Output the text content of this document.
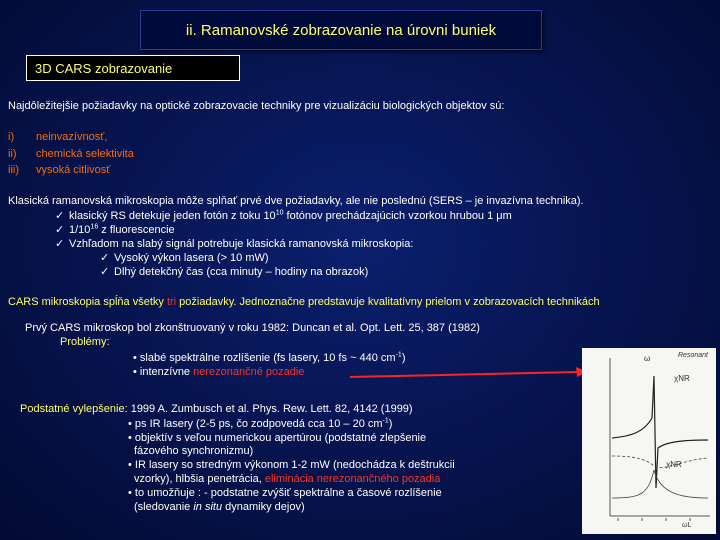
ii. Ramanovské zobrazovanie na úrovni buniek
3D CARS zobrazovanie
Najdôležitejšie požiadavky na optické zobrazovacie techniky pre vizualizáciu biologických objektov sú:
i) neinvazívnosť,
ii) chemická selektivita
iii) vysoká citlivosť
Klasická ramanovská mikroskopia môže splňať prvé dve požiadavky, ale nie poslednú (SERS – je invazívna technika).
✓ klasický RS detekuje jeden fotón z toku $10^{10}$ fotónov prechádzajúcich vzorkou hrubou 1 μm
✓ $1/10^{16}$ z fluorescencie
✓ Vzhľadom na slabý signál potrebuje klasická ramanovská mikroskopia:
✓ Vysoký výkon lasera (> 10 mW)
✓ Dlhý detekčný čas (cca minuty – hodiny na obrazok)
CARS mikroskopia spĺňa všetky tri požiadavky. Jednoznačne predstavuje kvalitatívny prielom v zobrazovacích technikách
Prvý CARS mikroskop bol zkonštruovaný v roku 1982: Duncan et al. Opt. Lett. 25, 387 (1982)
Problémy:
• slabé spektrálne rozlíšenie (fs lasery, 10 fs ~ 440 $cm^{-1}$)
• intenzívne nerezonančné pozadie
Podstatné vylepšenie: 1999 A. Zumbusch et al. Phys. Rew. Lett. 82, 4142 (1999)
• ps IR lasery (2-5 ps, čo zodpovedá cca 10 – 20 $cm^{-1}$)
• objektív s veľou numerickou apertúrou (podstatné zlepšenie
fázového synchronizmu)
• IR lasery so stredným výkonom 1-2 mW (nedochádza k deštrukcii
vzorky), hlbšia penetrácia, eliminácia nerezonančného pozadia
• to umožňuje : - podstatne zvýšiť spektrálne a časové rozlíšenie
(sledovanie in situ dynamiky dejov)
Resonant
ω
χNR
χNR
ωL
